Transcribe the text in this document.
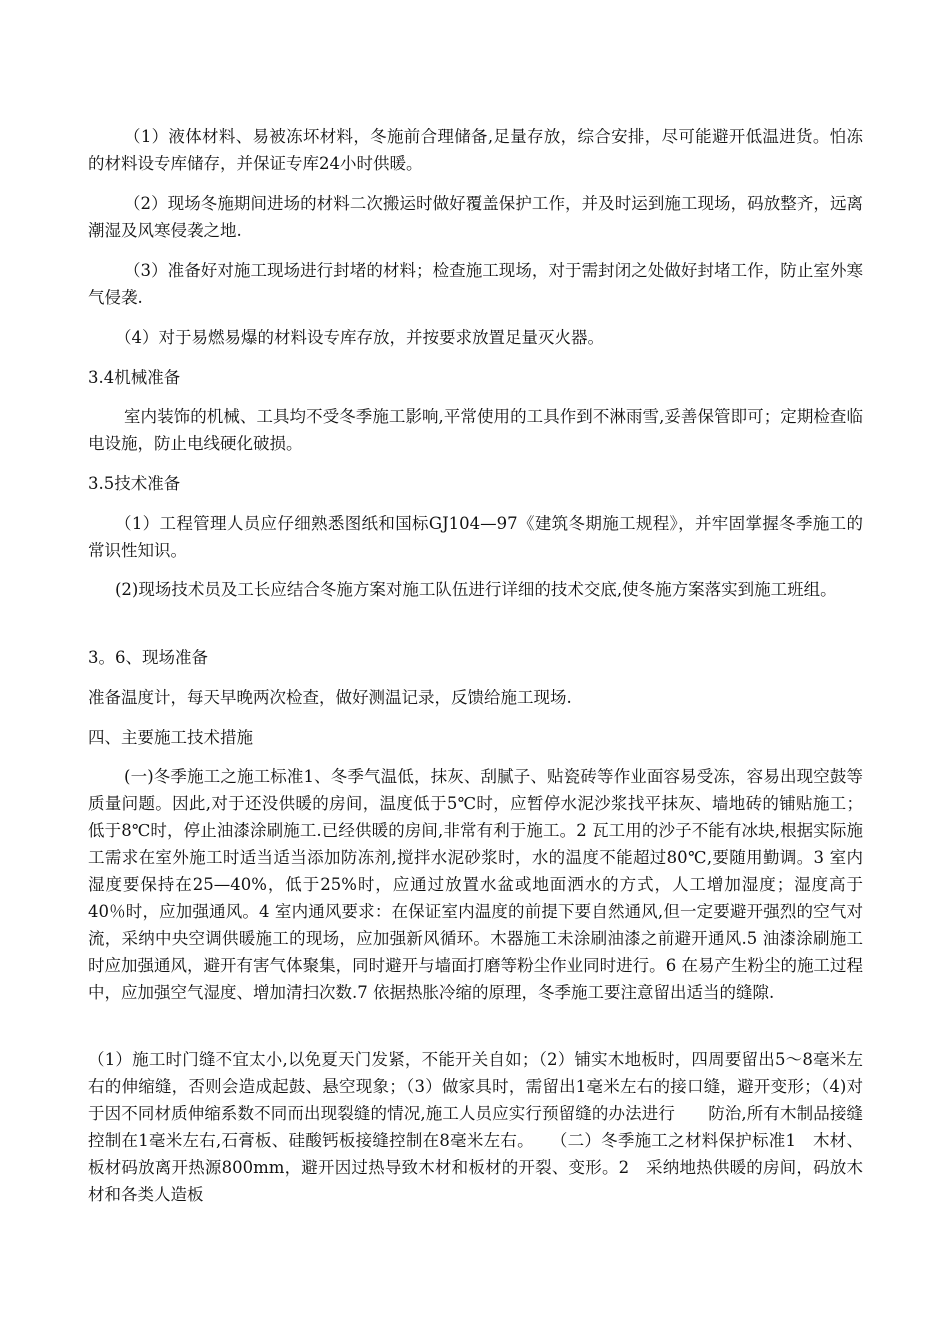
（1）液体材料、易被冻坏材料，冬施前合理储备,足量存放，综合安排，尽可能避开低温进货。怕冻的材料设专库储存，并保证专库24小时供暖。

（2）现场冬施期间进场的材料二次搬运时做好覆盖保护工作，并及时运到施工现场，码放整齐，远离潮湿及风寒侵袭之地.

（3）准备好对施工现场进行封堵的材料；检查施工现场，对于需封闭之处做好封堵工作，防止室外寒气侵袭.

（4）对于易燃易爆的材料设专库存放，并按要求放置足量灭火器。

3.4机械准备

室内装饰的机械、工具均不受冬季施工影响,平常使用的工具作到不淋雨雪,妥善保管即可；定期检查临电设施，防止电线硬化破损。

3.5技术准备

（1）工程管理人员应仔细熟悉图纸和国标GJ104—97《建筑冬期施工规程》，并牢固掌握冬季施工的常识性知识。

(2)现场技术员及工长应结合冬施方案对施工队伍进行详细的技术交底,使冬施方案落实到施工班组。

3。6、现场准备

准备温度计，每天早晚两次检查，做好测温记录，反馈给施工现场.

四、主要施工技术措施

(一)冬季施工之施工标准1、冬季气温低，抹灰、刮腻子、贴瓷砖等作业面容易受冻，容易出现空鼓等质量问题。因此,对于还没供暖的房间，温度低于5℃时，应暂停水泥沙浆找平抹灰、墙地砖的铺贴施工；低于8℃时，停止油漆涂刷施工.已经供暖的房间,非常有利于施工。2 瓦工用的沙子不能有冰块,根据实际施工需求在室外施工时适当适当添加防冻剂,搅拌水泥砂浆时，水的温度不能超过80℃,要随用勤调。3 室内湿度要保持在25—40%，低于25%时，应通过放置水盆或地面洒水的方式，人工增加湿度；湿度高于40％时，应加强通风。4 室内通风要求：在保证室内温度的前提下要自然通风,但一定要避开强烈的空气对流，采纳中央空调供暖施工的现场，应加强新风循环。木器施工未涂刷油漆之前避开通风.5 油漆涂刷施工时应加强通风，避开有害气体聚集，同时避开与墙面打磨等粉尘作业同时进行。6 在易产生粉尘的施工过程中，应加强空气湿度、增加清扫次数.7 依据热胀冷缩的原理，冬季施工要注意留出适当的缝隙.

（1）施工时门缝不宜太小,以免夏天门发紧，不能开关自如；（2）铺实木地板时，四周要留出5～8毫米左右的伸缩缝，否则会造成起鼓、悬空现象；（3）做家具时，需留出1毫米左右的接口缝，避开变形；（4)对于因不同材质伸缩系数不同而出现裂缝的情况,施工人员应实行预留缝的办法进行　　防治,所有木制品接缝控制在1毫米左右,石膏板、硅酸钙板接缝控制在8毫米左右。　　（二）冬季施工之材料保护标准1　木材、板材码放离开热源800mm，避开因过热导致木材和板材的开裂、变形。2　采纳地热供暖的房间，码放木材和各类人造板
